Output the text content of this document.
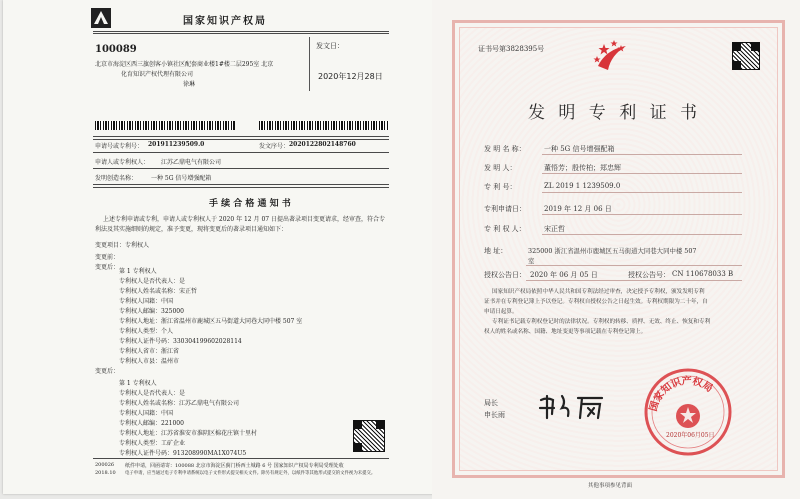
国家知识产权局
100089
北京市海淀区西三旗创客小镇社区配套商业楼1#楼二层295室 北京
化育知识产权代理有限公司
徐琳
发文日：
2020年12月28日
申请号或专利号： 201911239509.0	发文序号： 2020122802148760
申请人或专利权人： 江苏乙鼎电气有限公司
发明创造名称： 一种 5G 信号增强配箱
手 续 合 格 通 知 书
上述专利申请或专利，申请人或专利权人于 2020 年 12 月 07 日提出著录项目变更请求，经审查，符合专
利法及其实施细则的规定，准予变更，现将变更后的著录项目通知如下：
变更项目：专利权人
变更前：
变更后：
第 1 专利权人
专利权人是否代表人：是
专利权人姓名或名称：宋正哲
专利权人国籍：中国
专利权人邮编：325000
专利权人地址：浙江省温州市鹿城区五马街道大同巷大同中楼 507 室
专利权人类型：个人
专利权人证件号码：330304199602028114
专利权人省市：浙江省
专利权人市县：温州市
变更后：
第 1 专利权人
专利权人是否代表人：是
专利权人姓名或名称：江苏乙鼎电气有限公司
专利权人国籍：中国
专利权人邮编：221000
专利权人地址：江苏省淮安市淮阴区棉花庄镇十里村
专利权人类型：工矿企业
专利权人证件号码：913208990MA1X074U5
200026
2018.10
纸件申请，回函请寄：100088 北京市海淀区蓟门桥西土城路 6 号 国家知识产权局专利局受理处收
电子申请，应当通过电子专利申请系统以电子文件形式提交相关文件。除另有规定外，以纸件等其他形式提交的文件视为未提交。
证书号第3828395号
发 明 专 利 证 书
发 明 名 称：	一种 5G 信号增强配箱
发 明 人：	董悟芳；殷传柏；郑忠辉
专 利 号：	ZL 2019 1 1239509.0
专利申请日：	2019 年 12 月 06 日
专 利 权 人：	宋正哲
地 址：	325000 浙江省温州市鹿城区五马街道大同巷大同中楼 507
室
授权公告日： 2020 年 06 月 05 日	授权公告号： CN 110678033 B
国家知识产权局依照中华人民共和国专利法经过审查，决定授予专利权，颁发发明专利
证书并在专利登记簿上予以登记。专利权自授权公告之日起生效。专利权期限为二十年，自
申请日起算。
专利证书记载专利权登记时的法律状况。专利权的转移、质押、无效、终止、恢复和专利
权人的姓名或名称、国籍、地址变更等事项记载在专利登记簿上。
局长
申长雨
国家知识产权局
2020年06月05日
其他事项参见背面
